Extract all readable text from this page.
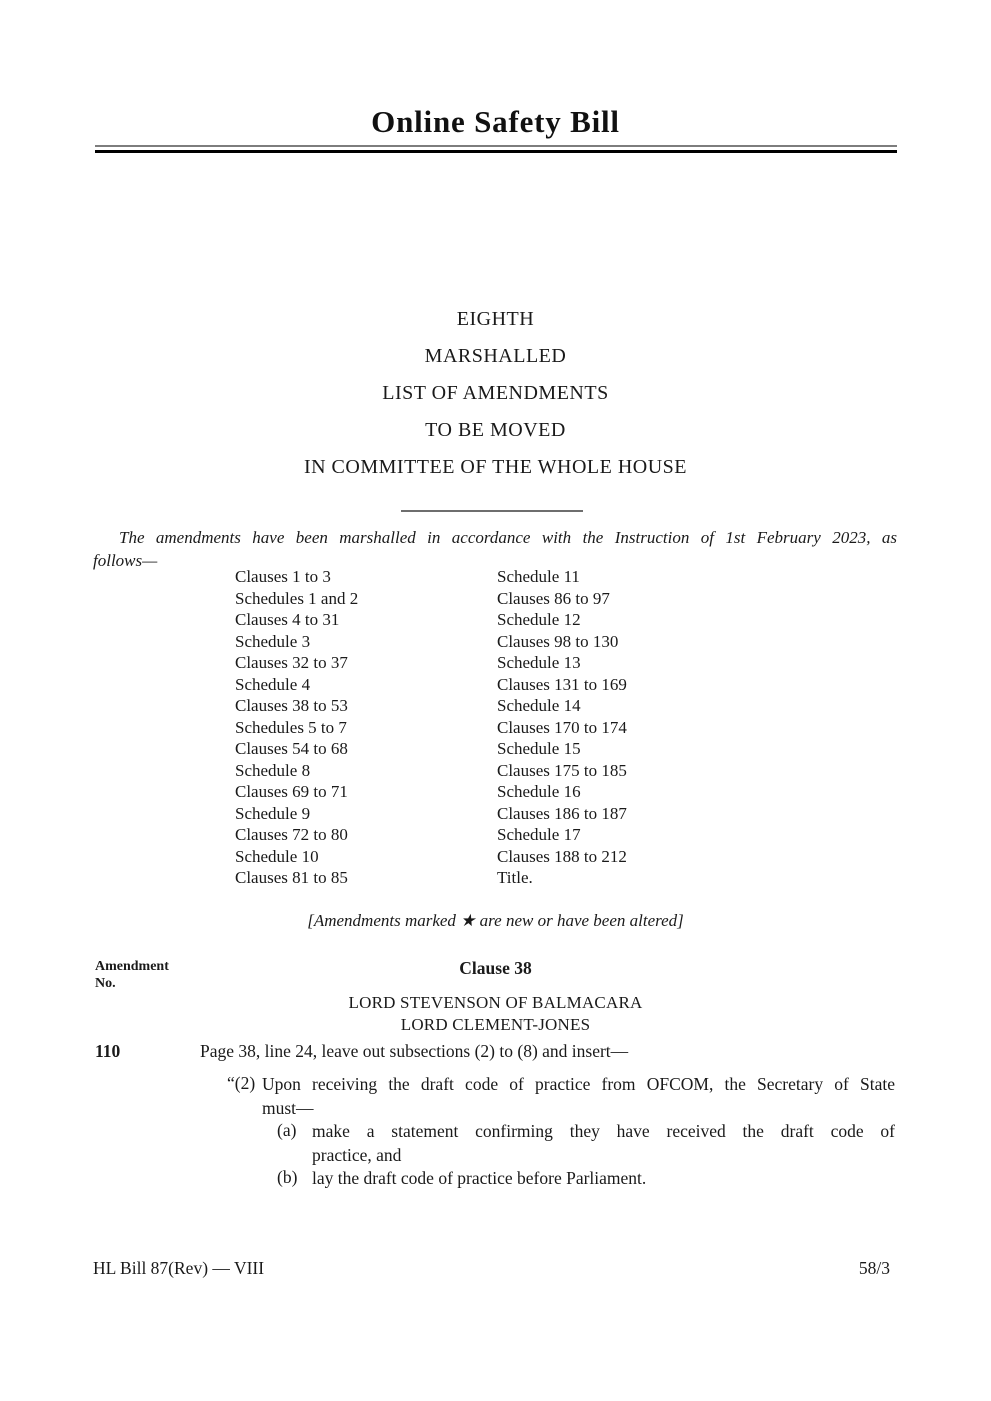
Online Safety Bill
EIGHTH
MARSHALLED
LIST OF AMENDMENTS
TO BE MOVED
IN COMMITTEE OF THE WHOLE HOUSE
The amendments have been marshalled in accordance with the Instruction of 1st February 2023, as
follows—
Clauses 1 to 3
Schedules 1 and 2
Clauses 4 to 31
Schedule 3
Clauses 32 to 37
Schedule 4
Clauses 38 to 53
Schedules 5 to 7
Clauses 54 to 68
Schedule 8
Clauses 69 to 71
Schedule 9
Clauses 72 to 80
Schedule 10
Clauses 81 to 85
Schedule 11
Clauses 86 to 97
Schedule 12
Clauses 98 to 130
Schedule 13
Clauses 131 to 169
Schedule 14
Clauses 170 to 174
Schedule 15
Clauses 175 to 185
Schedule 16
Clauses 186 to 187
Schedule 17
Clauses 188 to 212
Title.
[Amendments marked ★ are new or have been altered]
Amendment
No.
Clause 38
LORD STEVENSON OF BALMACARA
LORD CLEMENT-JONES
110	Page 38, line 24, leave out subsections (2) to (8) and insert—
“(2) Upon receiving the draft code of practice from OFCOM, the Secretary of State
must—
(a) make a statement confirming they have received the draft code of
practice, and
(b) lay the draft code of practice before Parliament.
HL Bill 87(Rev) — VIII	58/3
